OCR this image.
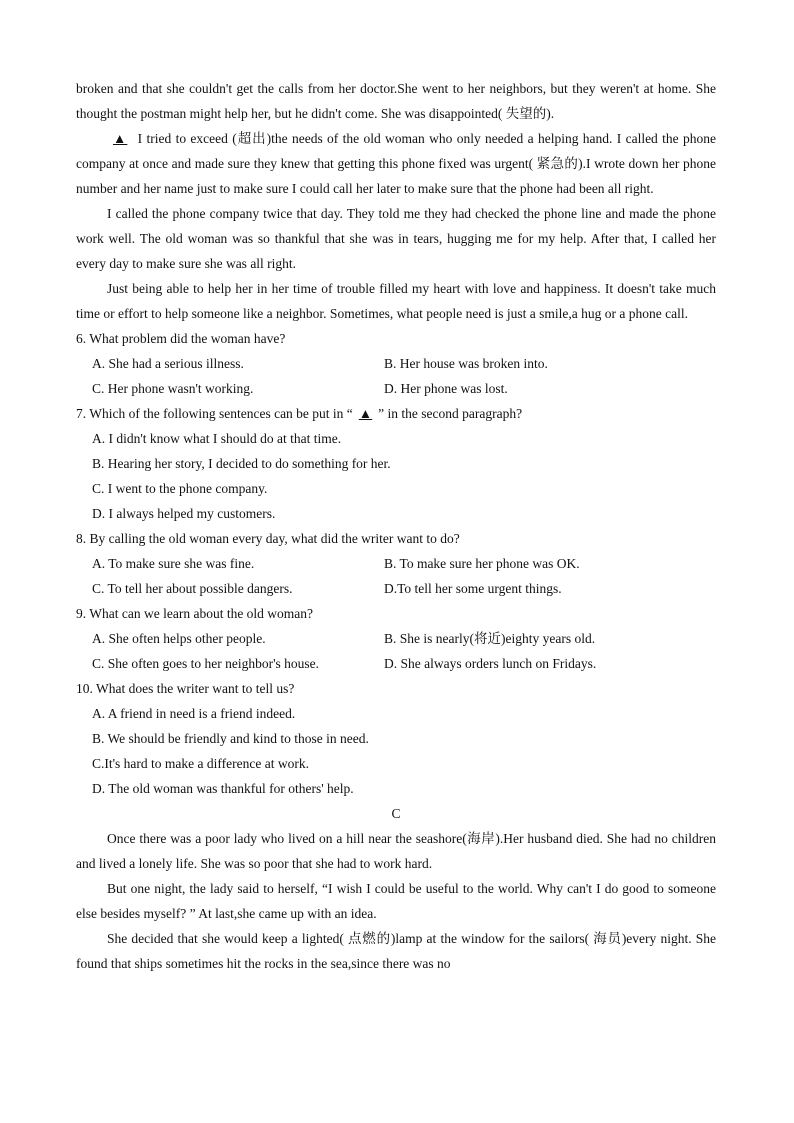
broken and that she couldn't get the calls from her doctor.She went to her neighbors, but they weren't at home. She thought the postman might help her, but he didn't come. She was disappointed( 失望的).

▲ I tried to exceed (超出)the needs of the old woman who only needed a helping hand. I called the phone company at once and made sure they knew that getting this phone fixed was urgent( 紧急的).I wrote down her phone number and her name just to make sure I could call her later to make sure that the phone had been all right.

I called the phone company twice that day. They told me they had checked the phone line and made the phone work well. The old woman was so thankful that she was in tears, hugging me for my help. After that, I called her every day to make sure she was all right.

Just being able to help her in her time of trouble filled my heart with love and happiness. It doesn't take much time or effort to help someone like a neighbor. Sometimes, what people need is just a smile,a hug or a phone call.

6. What problem did the woman have?

A. She had a serious illness.	B. Her house was broken into.
C. Her phone wasn't working.	D. Her phone was lost.

7. Which of the following sentences can be put in “ ▲ ” in the second paragraph?

A. I didn't know what I should do at that time.

B. Hearing her story, I decided to do something for her.

C. I went to the phone company.

D. I always helped my customers.

8. By calling the old woman every day, what did the writer want to do?

A. To make sure she was fine.	B. To make sure her phone was OK.
C. To tell her about possible dangers.	D.To tell her some urgent things.

9. What can we learn about the old woman?

A. She often helps other people.	B. She is nearly(将近)eighty years old.
C. She often goes to her neighbor's house.	D. She always orders lunch on Fridays.

10. What does the writer want to tell us?

A. A friend in need is a friend indeed.

B. We should be friendly and kind to those in need.

C.It's hard to make a difference at work.

D. The old woman was thankful for others' help.

C

Once there was a poor lady who lived on a hill near the seashore(海岸).Her husband died. She had no children and lived a lonely life. She was so poor that she had to work hard.

But one night, the lady said to herself, “I wish I could be useful to the world. Why can't I do good to someone else besides myself? ” At last,she came up with an idea.

She decided that she would keep a lighted( 点燃的)lamp at the window for the sailors( 海员)every night. She found that ships sometimes hit the rocks in the sea,since there was no
